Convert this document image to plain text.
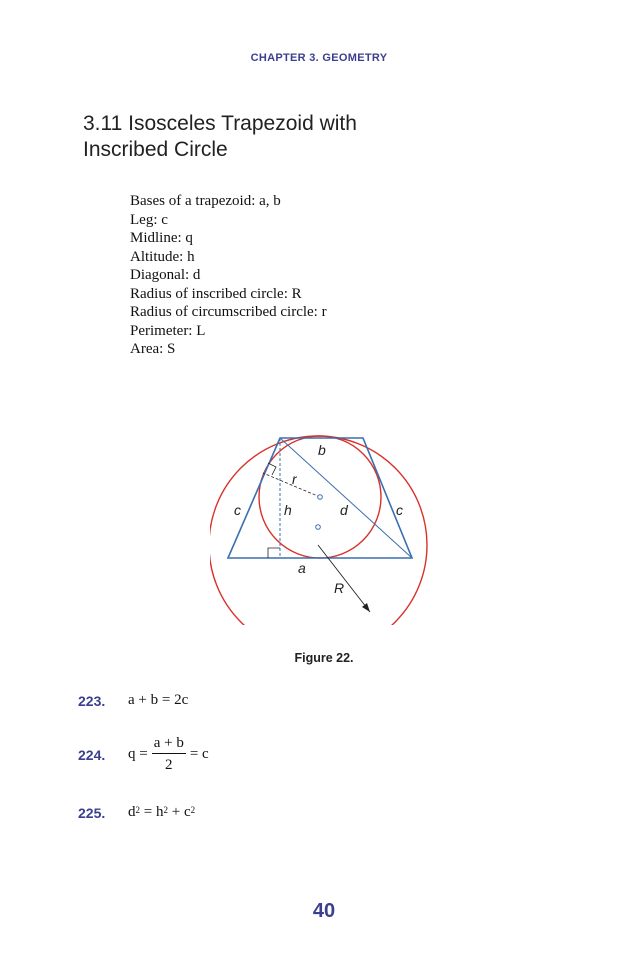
CHAPTER 3. GEOMETRY
3.11 Isosceles Trapezoid with
Inscribed Circle
Bases of a trapezoid: a, b
Leg: c
Midline: q
Altitude: h
Diagonal: d
Radius of inscribed circle: R
Radius of circumscribed circle: r
Perimeter: L
Area: S
b
r
c	h	d	c
a
R
Figure 22.
223.	a + b = 2c
224.	$q = \frac{a + b}{2} = c$
225.	$d^2 = h^2 + c^2$
40
